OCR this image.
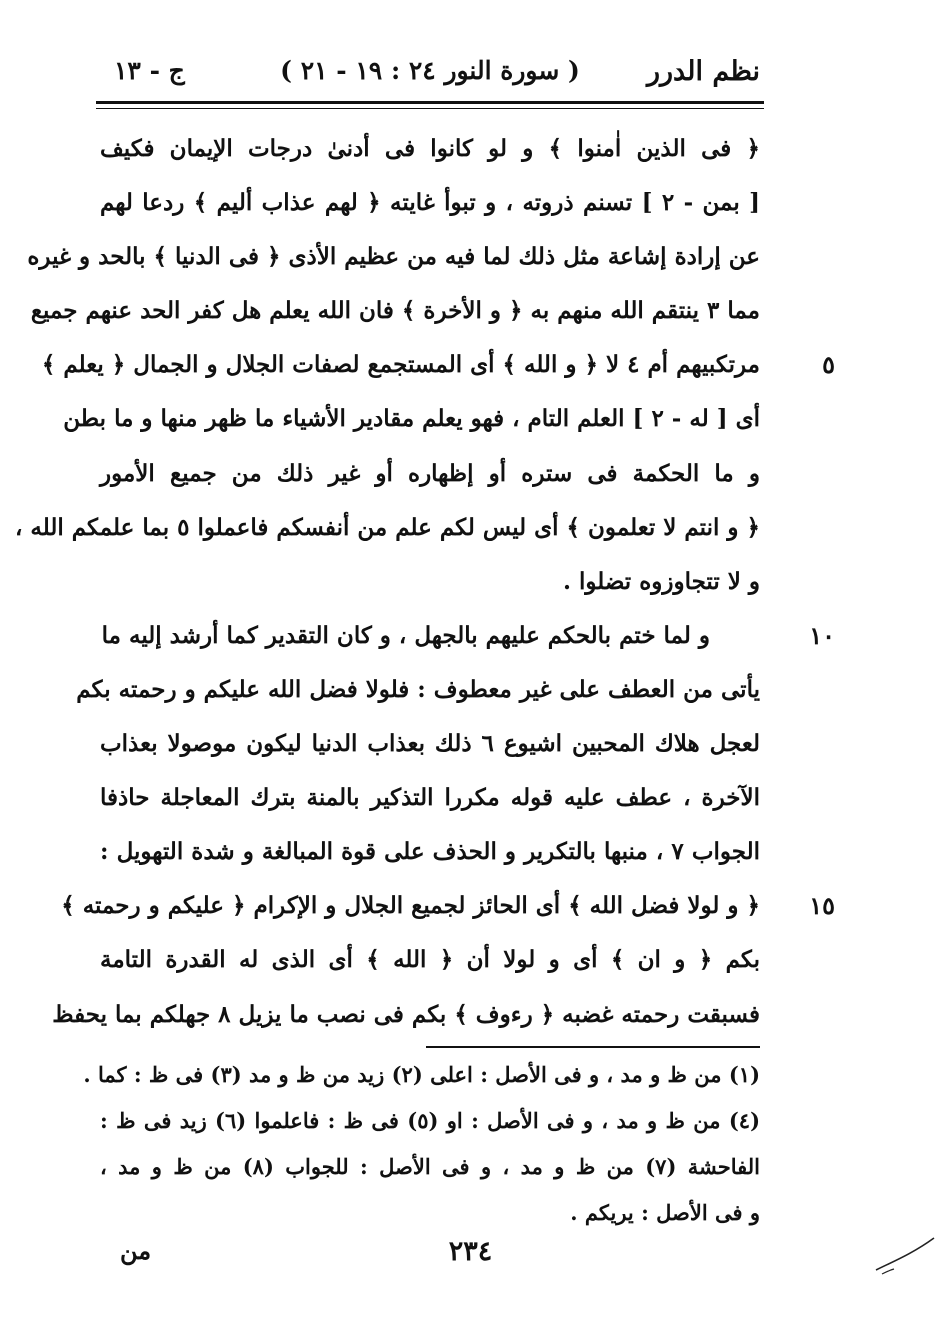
نظم الدرر
( سورة النور ٢٤ : ١٩ - ٢١ )
ج - ١٣
﴿ فى الذين اٰمنوا ﴾ و لو كانوا فى أدنىٰ درجات الإيمان فكيف
[ بمن - ٢ ] تسنم ذروته ، و تبوأ غايته ﴿ لهم عذاب أليم ﴾ ردعا لهم
عن إرادة إشاعة مثل ذلك لما فيه من عظيم الأذى ﴿ فى الدنيا ﴾ بالحد و غيره
مما ٣ ينتقم الله منهم به ﴿ و الأخرة ﴾ فان الله يعلم هل كفر الحد عنهم جميع
مرتكبيهم أم ٤ لا ﴿ و الله ﴾ أى المستجمع لصفات الجلال و الجمال ﴿ يعلم ﴾	٥
أى [ له - ٢ ] العلم التام ، فهو يعلم مقادير الأشياء ما ظهر منها و ما بطن
و ما الحكمة فى ستره أو إظهاره أو غير ذلك من جميع الأمور
﴿ و انتم لا تعلمون ﴾ أى ليس لكم علم من أنفسكم فاعملوا ٥ بما علمكم الله ،
و لا تتجاوزوه تضلوا .
و لما ختم بالحكم عليهم بالجهل ، و كان التقدير كما أرشد إليه ما	١٠
يأتى من العطف على غير معطوف : فلولا فضل الله عليكم و رحمته بكم
لعجل هلاك المحبين اشيوع ٦ ذلك بعذاب الدنيا ليكون موصولا بعذاب
الآخرة ، عطف عليه قوله مكررا التذكير بالمنة بترك المعاجلة حاذفا
الجواب ٧ ، منبها بالتكرير و الحذف على قوة المبالغة و شدة التهويل :
﴿ و لولا فضل الله ﴾ أى الحائز لجميع الجلال و الإكرام ﴿ عليكم و رحمته ﴾ ١٥
بكم ﴿ و ان ﴾ أى و لولا أن ﴿ الله ﴾ أى الذى له القدرة التامة
فسبقت رحمته غضبه ﴿ رءوف ﴾ بكم فى نصب ما يزيل ٨ جهلكم بما يحفظ
(١) من ظ و مد ، و فى الأصل : اعلى (٢) زيد من ظ و مد (٣) فى ظ : كما .
(٤) من ظ و مد ، و فى الأصل : او (٥) فى ظ : فاعلموا (٦) زيد فى ظ :
الفاحشة (٧) من ظ و مد ، و فى الأصل : للجواب (٨) من ظ و مد ،
و فى الأصل : يريكم .
٢٣٤
من
